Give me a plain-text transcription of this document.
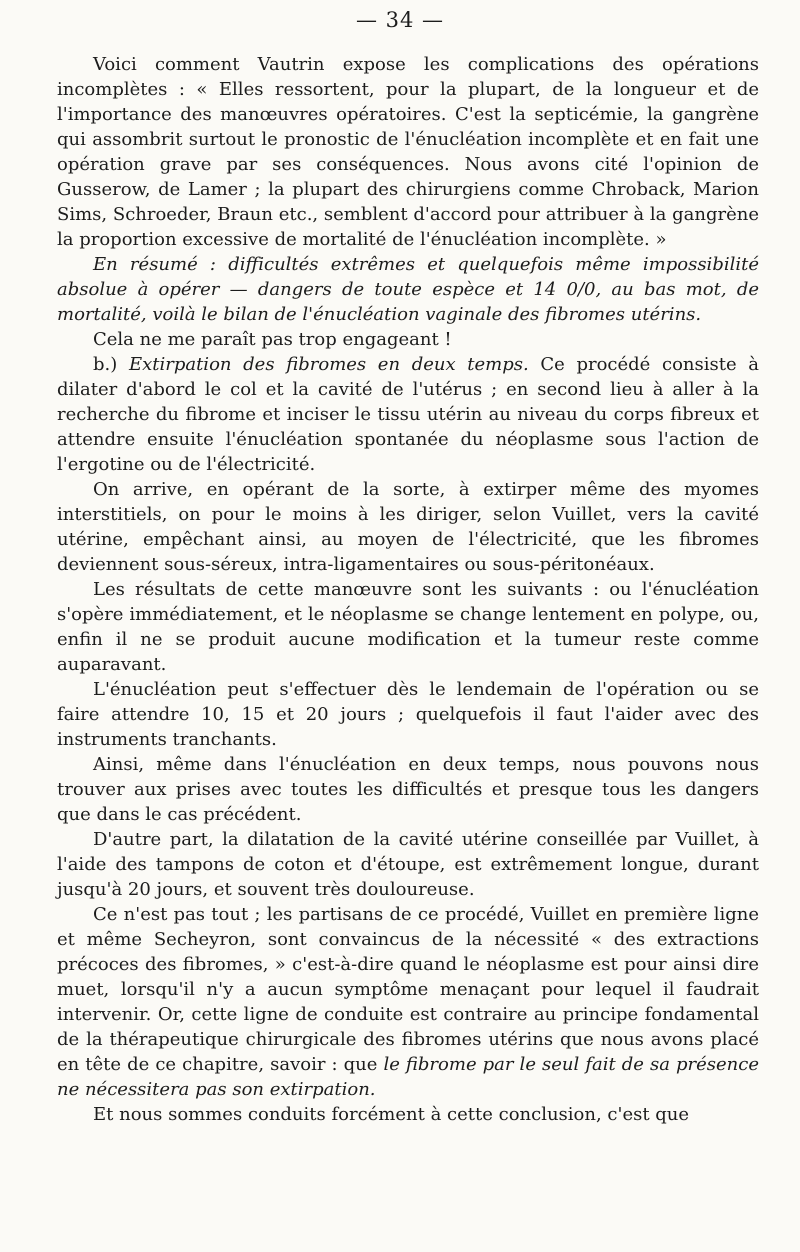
— 34 —

Voici comment Vautrin expose les complications des opérations incomplètes : « Elles ressortent, pour la plupart, de la longueur et de l'importance des manœuvres opératoires. C'est la septicémie, la gangrène qui assombrit surtout le pronostic de l'énucléation incomplète et en fait une opération grave par ses conséquences. Nous avons cité l'opinion de Gusserow, de Lamer ; la plupart des chirurgiens comme Chroback, Marion Sims, Schroeder, Braun etc., semblent d'accord pour attribuer à la gangrène la proportion excessive de mortalité de l'énucléation incomplète. »

En résumé : difficultés extrêmes et quelquefois même impossibilité absolue à opérer — dangers de toute espèce et 14 0/0, au bas mot, de mortalité, voilà le bilan de l'énucléation vaginale des fibromes utérins.

Cela ne me paraît pas trop engageant !

b.) Extirpation des fibromes en deux temps. Ce procédé consiste à dilater d'abord le col et la cavité de l'utérus ; en second lieu à aller à la recherche du fibrome et inciser le tissu utérin au niveau du corps fibreux et attendre ensuite l'énucléation spontanée du néoplasme sous l'action de l'ergotine ou de l'électricité.

On arrive, en opérant de la sorte, à extirper même des myomes interstitiels, on pour le moins à les diriger, selon Vuillet, vers la cavité utérine, empêchant ainsi, au moyen de l'électricité, que les fibromes deviennent sous-séreux, intra-ligamentaires ou sous-péritonéaux.

Les résultats de cette manœuvre sont les suivants : ou l'énucléation s'opère immédiatement, et le néoplasme se change lentement en polype, ou, enfin il ne se produit aucune modification et la tumeur reste comme auparavant.

L'énucléation peut s'effectuer dès le lendemain de l'opération ou se faire attendre 10, 15 et 20 jours ; quelquefois il faut l'aider avec des instruments tranchants.

Ainsi, même dans l'énucléation en deux temps, nous pouvons nous trouver aux prises avec toutes les difficultés et presque tous les dangers que dans le cas précédent.

D'autre part, la dilatation de la cavité utérine conseillée par Vuillet, à l'aide des tampons de coton et d'étoupe, est extrêmement longue, durant jusqu'à 20 jours, et souvent très douloureuse.

Ce n'est pas tout ; les partisans de ce procédé, Vuillet en première ligne et même Secheyron, sont convaincus de la nécessité « des extractions précoces des fibromes, » c'est-à-dire quand le néoplasme est pour ainsi dire muet, lorsqu'il n'y a aucun symptôme menaçant pour lequel il faudrait intervenir. Or, cette ligne de conduite est contraire au principe fondamental de la thérapeutique chirurgicale des fibromes utérins que nous avons placé en tête de ce chapitre, savoir : que le fibrome par le seul fait de sa présence ne nécessitera pas son extirpation.

Et nous sommes conduits forcément à cette conclusion, c'est que
